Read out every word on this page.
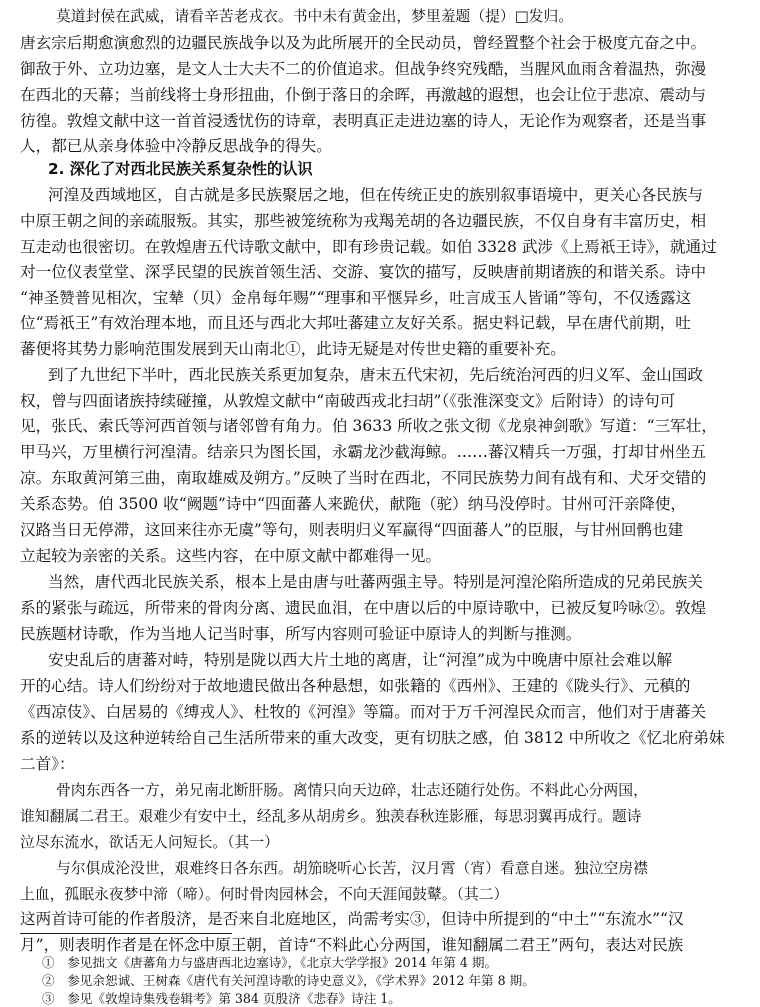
莫道封侯在武威，请看辛苦老戎衣。书中未有黄金出，梦里羞题（提）□发归。
唐玄宗后期愈演愈烈的边疆民族战争以及为此所展开的全民动员，曾经置整个社会于极度亢奋之中。
御敌于外、立功边塞，是文人士大夫不二的价值追求。但战争终究残酷，当腥风血雨含着温热，弥漫
在西北的天幕；当前线将士身形扭曲，仆倒于落日的余晖，再激越的遐想，也会让位于悲凉、震动与
彷徨。敦煌文献中这一首首浸透忧伤的诗章，表明真正走进边塞的诗人，无论作为观察者，还是当事
人，都已从亲身体验中冷静反思战争的得失。
2. 深化了对西北民族关系复杂性的认识
河湟及西域地区，自古就是多民族聚居之地，但在传统正史的族别叙事语境中，更关心各民族与
中原王朝之间的亲疏服叛。其实，那些被笼统称为戎羯羌胡的各边疆民族，不仅自身有丰富历史，相
互走动也很密切。在敦煌唐五代诗歌文献中，即有珍贵记载。如伯 3328 武涉《上焉祇王诗》，就通过
对一位仪表堂堂、深孚民望的民族首领生活、交游、宴饮的描写，反映唐前期诸族的和谐关系。诗中
“神圣赞普见相次，宝辇（贝）金帛每年赐”“理事和平惬异乡，吐言成玉人皆诵”等句，不仅透露这
位“焉祇王”有效治理本地，而且还与西北大邦吐蕃建立友好关系。据史料记载，早在唐代前期，吐
蕃便将其势力影响范围发展到天山南北①，此诗无疑是对传世史籍的重要补充。
到了九世纪下半叶，西北民族关系更加复杂，唐末五代宋初，先后统治河西的归义军、金山国政
权，曾与四面诸族持续碰撞，从敦煌文献中“南破西戎北扫胡”（《张淮深变文》后附诗）的诗句可
见，张氏、索氏等河西首领与诸邻曾有角力。伯 3633 所收之张文彻《龙泉神剑歌》写道：“三军壮，
甲马兴，万里横行河湟清。结亲只为图长国，永霸龙沙截海鲸。……蕃汉精兵一万强，打却甘州坐五
凉。东取黄河第三曲，南取雄威及朔方。”反映了当时在西北，不同民族势力间有战有和、犬牙交错的
关系态势。伯 3500 收“阙题”诗中“四面蕃人来跪伏，献陁（驼）纳马没停时。甘州可汗亲降使，
汉路当日无停滞，这回来往亦无虞”等句，则表明归义军赢得“四面蕃人”的臣服，与甘州回鹘也建
立起较为亲密的关系。这些内容，在中原文献中都难得一见。
当然，唐代西北民族关系，根本上是由唐与吐蕃两强主导。特别是河湟沦陷所造成的兄弟民族关
系的紧张与疏远，所带来的骨肉分离、遗民血泪，在中唐以后的中原诗歌中，已被反复吟咏②。敦煌
民族题材诗歌，作为当地人记当时事，所写内容则可验证中原诗人的判断与推测。
安史乱后的唐蕃对峙，特别是陇以西大片土地的离唐，让“河湟”成为中晚唐中原社会难以解
开的心结。诗人们纷纷对于故地遗民做出各种悬想，如张籍的《西州》、王建的《陇头行》、元稹的
《西凉伎》、白居易的《缚戎人》、杜牧的《河湟》等篇。而对于万千河湟民众而言，他们对于唐蕃关
系的逆转以及这种逆转给自己生活所带来的重大改变，更有切肤之感，伯 3812 中所收之《忆北府弟妹
二首》：
骨肉东西各一方，弟兄南北断肝肠。离情只向天边碎，壮志还随行处伤。不料此心分两国，
谁知翻属二君王。艰难少有安中土，经乱多从胡虏乡。独羡春秋连影雁，每思羽翼再成行。题诗
泣尽东流水，欲话无人问短长。（其一）
与尔俱成沦没世，艰难终日各东西。胡笳晓听心长苦，汉月霄（宵）看意自迷。独泣空房襟
上血，孤眠永夜梦中渧（啼）。何时骨肉园林会，不向天涯闻鼓鼙。（其二）
这两首诗可能的作者殷济，是否来自北庭地区，尚需考实③，但诗中所提到的“中土”“东流水”“汉
月”，则表明作者是在怀念中原王朝，首诗“不料此心分两国，谁知翻属二君王”两句，表达对民族
①　参见拙文《唐蕃角力与盛唐西北边塞诗》，《北京大学学报》2014 年第 4 期。
②　参见余恕诚、王树森《唐代有关河湟诗歌的诗史意义》，《学术界》2012 年第 8 期。
③　参见《敦煌诗集残卷辑考》第 384 页殷济《悲春》诗注 1。
